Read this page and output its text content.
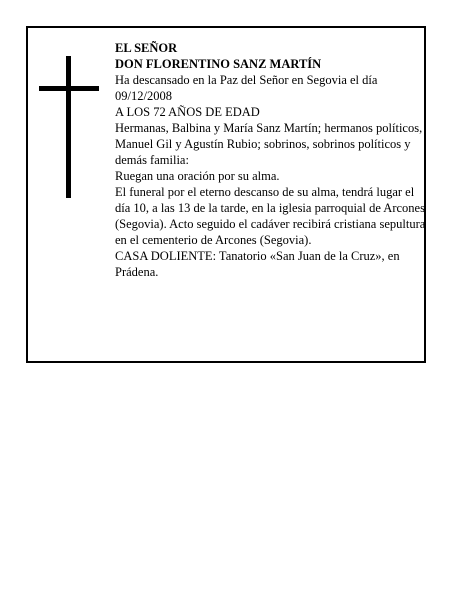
EL SEÑOR

DON FLORENTINO SANZ MARTÍN

Ha descansado en la Paz del Señor en Segovia el día 09/12/2008

A LOS 72 AÑOS DE EDAD

Hermanas, Balbina y María Sanz Martín; hermanos políticos, Manuel Gil y Agustín Rubio; sobrinos, sobrinos políticos y demás familia:

Ruegan una oración por su alma.

El funeral por el eterno descanso de su alma, tendrá lugar el día 10, a las 13 de la tarde, en la iglesia parroquial de Arcones (Segovia). Acto seguido el cadáver recibirá cristiana sepultura en el cementerio de Arcones (Segovia).

CASA DOLIENTE: Tanatorio «San Juan de la Cruz», en

Prádena.
